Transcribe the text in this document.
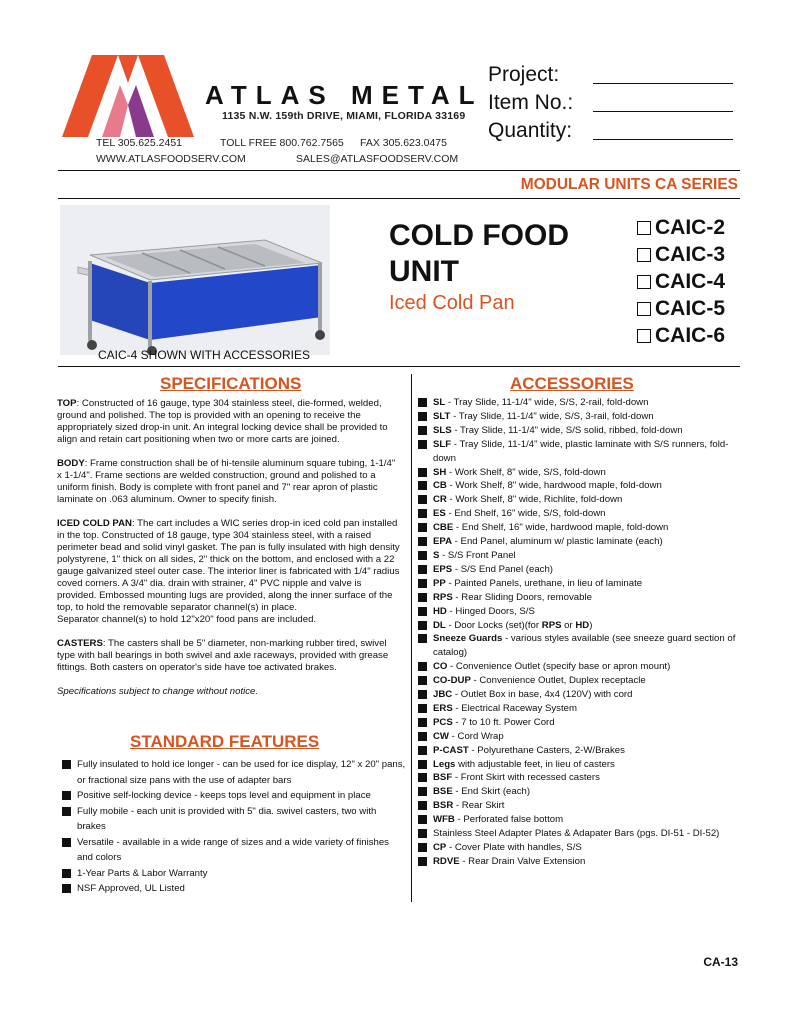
ATLAS METAL
1135 N.W. 159th DRIVE, MIAMI, FLORIDA 33169
TEL 305.625.2451	TOLL FREE 800.762.7565 FAX 305.623.0475
WWW.ATLASFOODSERV.COM	SALES@ATLASFOODSERV.COM
Project:
Item No.:
Quantity:
MODULAR UNITS CA SERIES
CAIC-4 SHOWN WITH ACCESSORIES
COLD FOOD UNIT
Iced Cold Pan
CAIC-2
CAIC-3
CAIC-4
CAIC-5
CAIC-6
SPECIFICATIONS

TOP: Constructed of 16 gauge, type 304 stainless steel, die-formed, welded, ground and polished. The top is provided with an opening to receive the appropriately sized drop-in unit. An integral locking device shall be provided to align and retain cart positioning when two or more carts are joined.

BODY: Frame construction shall be of hi-tensile aluminum square tubing, 1-1/4" x 1-1/4". Frame sections are welded construction, ground and polished to a uniform finish. Body is complete with front panel and 7" rear apron of plastic laminate on .063 aluminum. Owner to specify finish.

ICED COLD PAN: The cart includes a WIC series drop-in iced cold pan installed in the top. Constructed of 18 gauge, type 304 stainless steel, with a raised perimeter bead and solid vinyl gasket. The pan is fully insulated with high density polystyrene, 1" thick on all sides, 2" thick on the bottom, and enclosed with a 22 gauge galvanized steel outer case. The interior liner is fabricated with 1/4" radius coved corners. A 3/4" dia. drain with strainer, 4" PVC nipple and valve is provided. Embossed mounting lugs are provided, along the inner surface of the top, to hold the removable separator channel(s) in place.

Separator channel(s) to hold 12"x20" food pans are included.

CASTERS: The casters shall be 5" diameter, non-marking rubber tired, swivel type with ball bearings in both swivel and axle raceways, provided with grease fittings. Both casters on operator's side have toe activated brakes.

Specifications subject to change without notice.

STANDARD FEATURES
Fully insulated to hold ice longer - can be used for ice display, 12" x 20" pans, or fractional size pans with the use of adapter bars
Positive self-locking device - keeps tops level and equipment in place
Fully mobile - each unit is provided with 5" dia. swivel casters, two with brakes
Versatile - available in a wide range of sizes and a wide variety of finishes and colors
1-Year Parts & Labor Warranty
NSF Approved, UL Listed
ACCESSORIES
SL - Tray Slide, 11-1/4" wide, S/S, 2-rail, fold-down
SLT - Tray Slide, 11-1/4" wide, S/S, 3-rail, fold-down
SLS - Tray Slide, 11-1/4" wide, S/S solid, ribbed, fold-down
SLF - Tray Slide, 11-1/4" wide, plastic laminate with S/S runners, fold-down
SH - Work Shelf, 8" wide, S/S, fold-down
CB - Work Shelf, 8" wide, hardwood maple, fold-down
CR - Work Shelf, 8" wide, Richlite, fold-down
ES - End Shelf, 16" wide, S/S, fold-down
CBE - End Shelf, 16" wide, hardwood maple, fold-down
EPA - End Panel, aluminum w/ plastic laminate (each)
S - S/S Front Panel
EPS - S/S End Panel (each)
PP - Painted Panels, urethane, in lieu of laminate
RPS - Rear Sliding Doors, removable
HD - Hinged Doors, S/S
DL - Door Locks (set)(for RPS or HD)
Sneeze Guards - various styles available (see sneeze guard section of catalog)
CO - Convenience Outlet (specify base or apron mount)
CO-DUP - Convenience Outlet, Duplex receptacle
JBC - Outlet Box in base, 4x4 (120V) with cord
ERS - Electrical Raceway System
PCS - 7 to 10 ft. Power Cord
CW - Cord Wrap
P-CAST - Polyurethane Casters, 2-W/Brakes
Legs with adjustable feet, in lieu of casters
BSF - Front Skirt with recessed casters
BSE - End Skirt (each)
BSR - Rear Skirt
WFB - Perforated false bottom
Stainless Steel Adapter Plates & Adapater Bars (pgs. DI-51 - DI-52)
CP - Cover Plate with handles, S/S
RDVE - Rear Drain Valve Extension
CA-13
